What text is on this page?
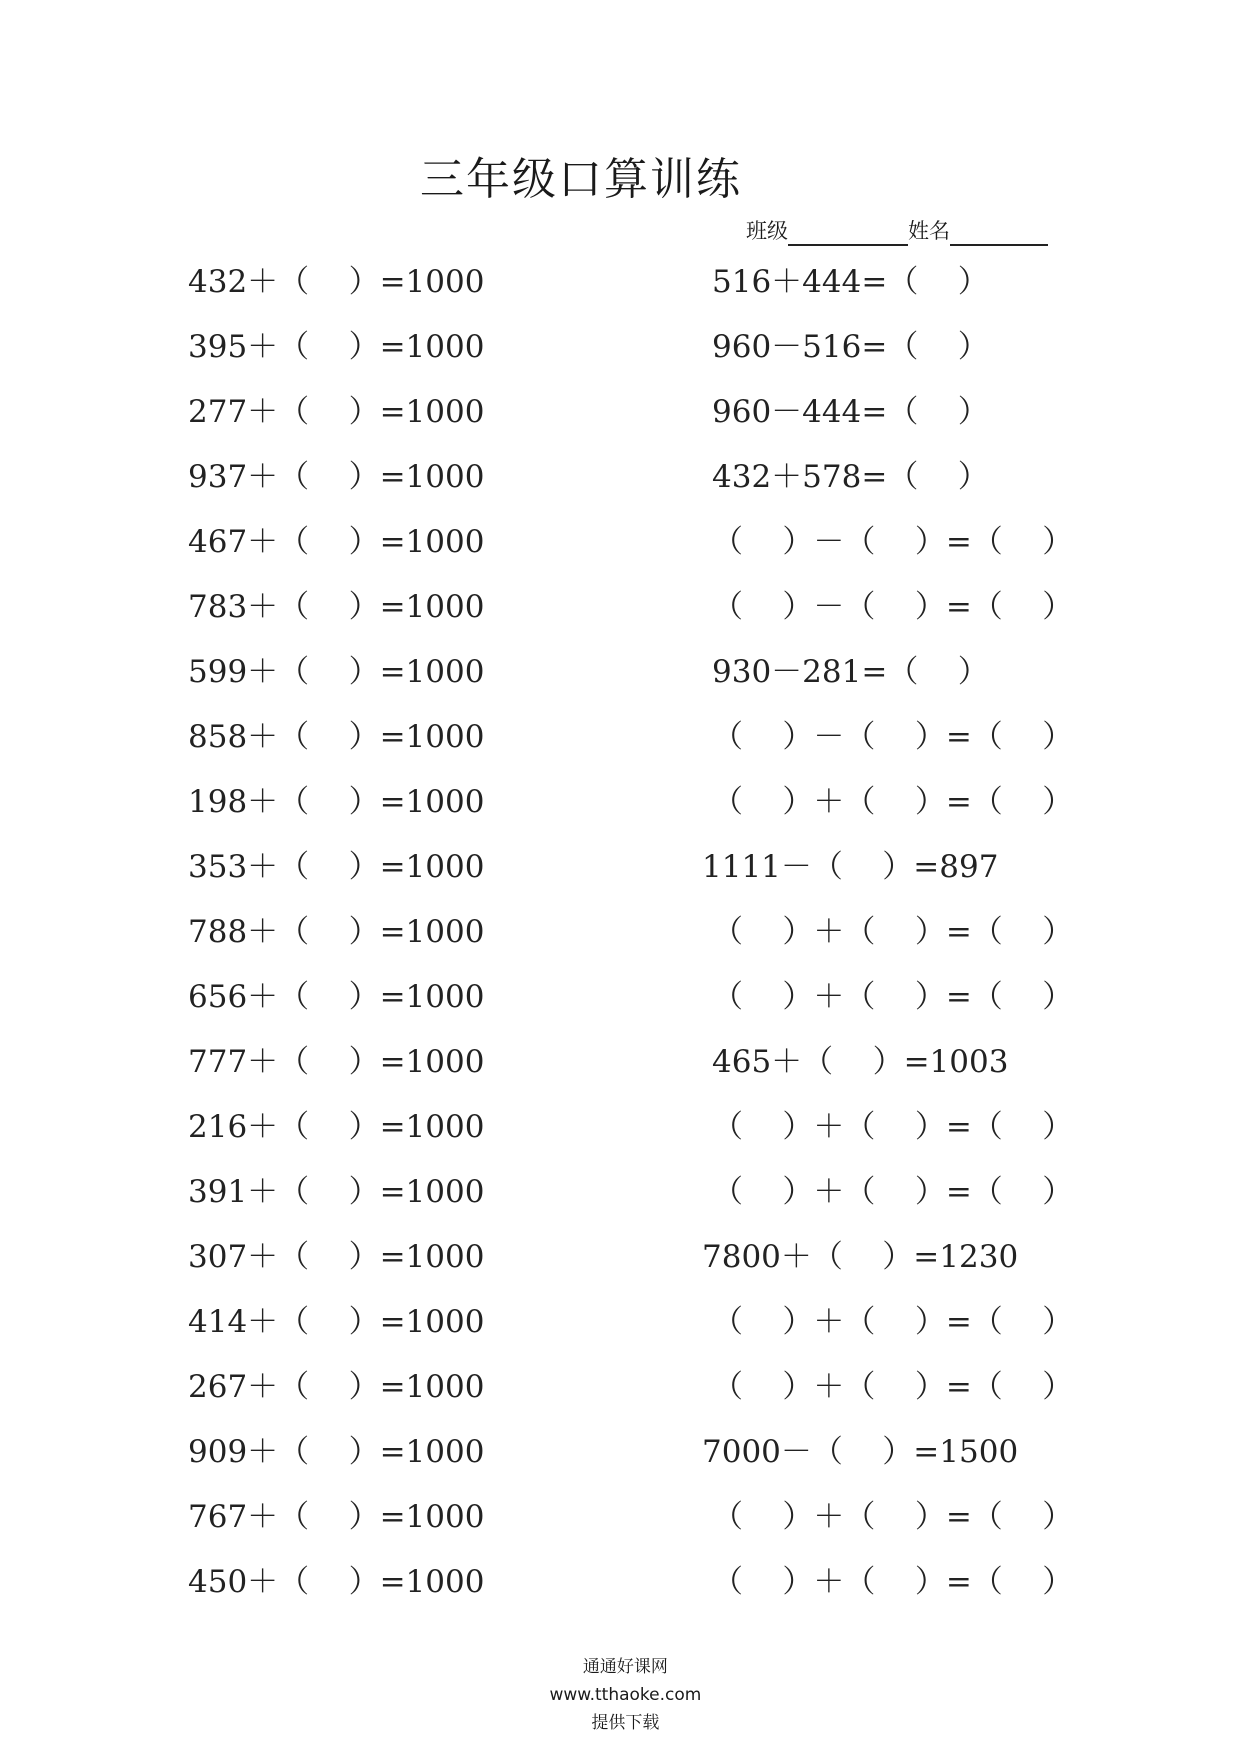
三年级口算训练
班级	姓名
432＋（    ）=1000	516＋444=（    ）
395＋（    ）=1000	960－516=（    ）
277＋（    ）=1000	960－444=（    ）
937＋（    ）=1000	432＋578=（    ）
467＋（    ）=1000	（    ）－（    ）=（    ）
783＋（    ）=1000	（    ）－（    ）=（    ）
599＋（    ）=1000	930－281=（    ）
858＋（    ）=1000	（    ）－（    ）=（    ）
198＋（    ）=1000	（    ）＋（    ）=（    ）
353＋（    ）=1000	1111－（    ）=897
788＋（    ）=1000	（    ）＋（    ）=（    ）
656＋（    ）=1000	（    ）＋（    ）=（    ）
777＋（    ）=1000	465＋（    ）=1003
216＋（    ）=1000	（    ）＋（    ）=（    ）
391＋（    ）=1000	（    ）＋（    ）=（    ）
307＋（    ）=1000	7800＋（    ）=1230
414＋（    ）=1000	（    ）＋（    ）=（    ）
267＋（    ）=1000	（    ）＋（    ）=（    ）
909＋（    ）=1000	7000－（    ）=1500
767＋（    ）=1000	（    ）＋（    ）=（    ）
450＋（    ）=1000	（    ）＋（    ）=（    ）

通通好课网
www.tthaoke.com
提供下载
